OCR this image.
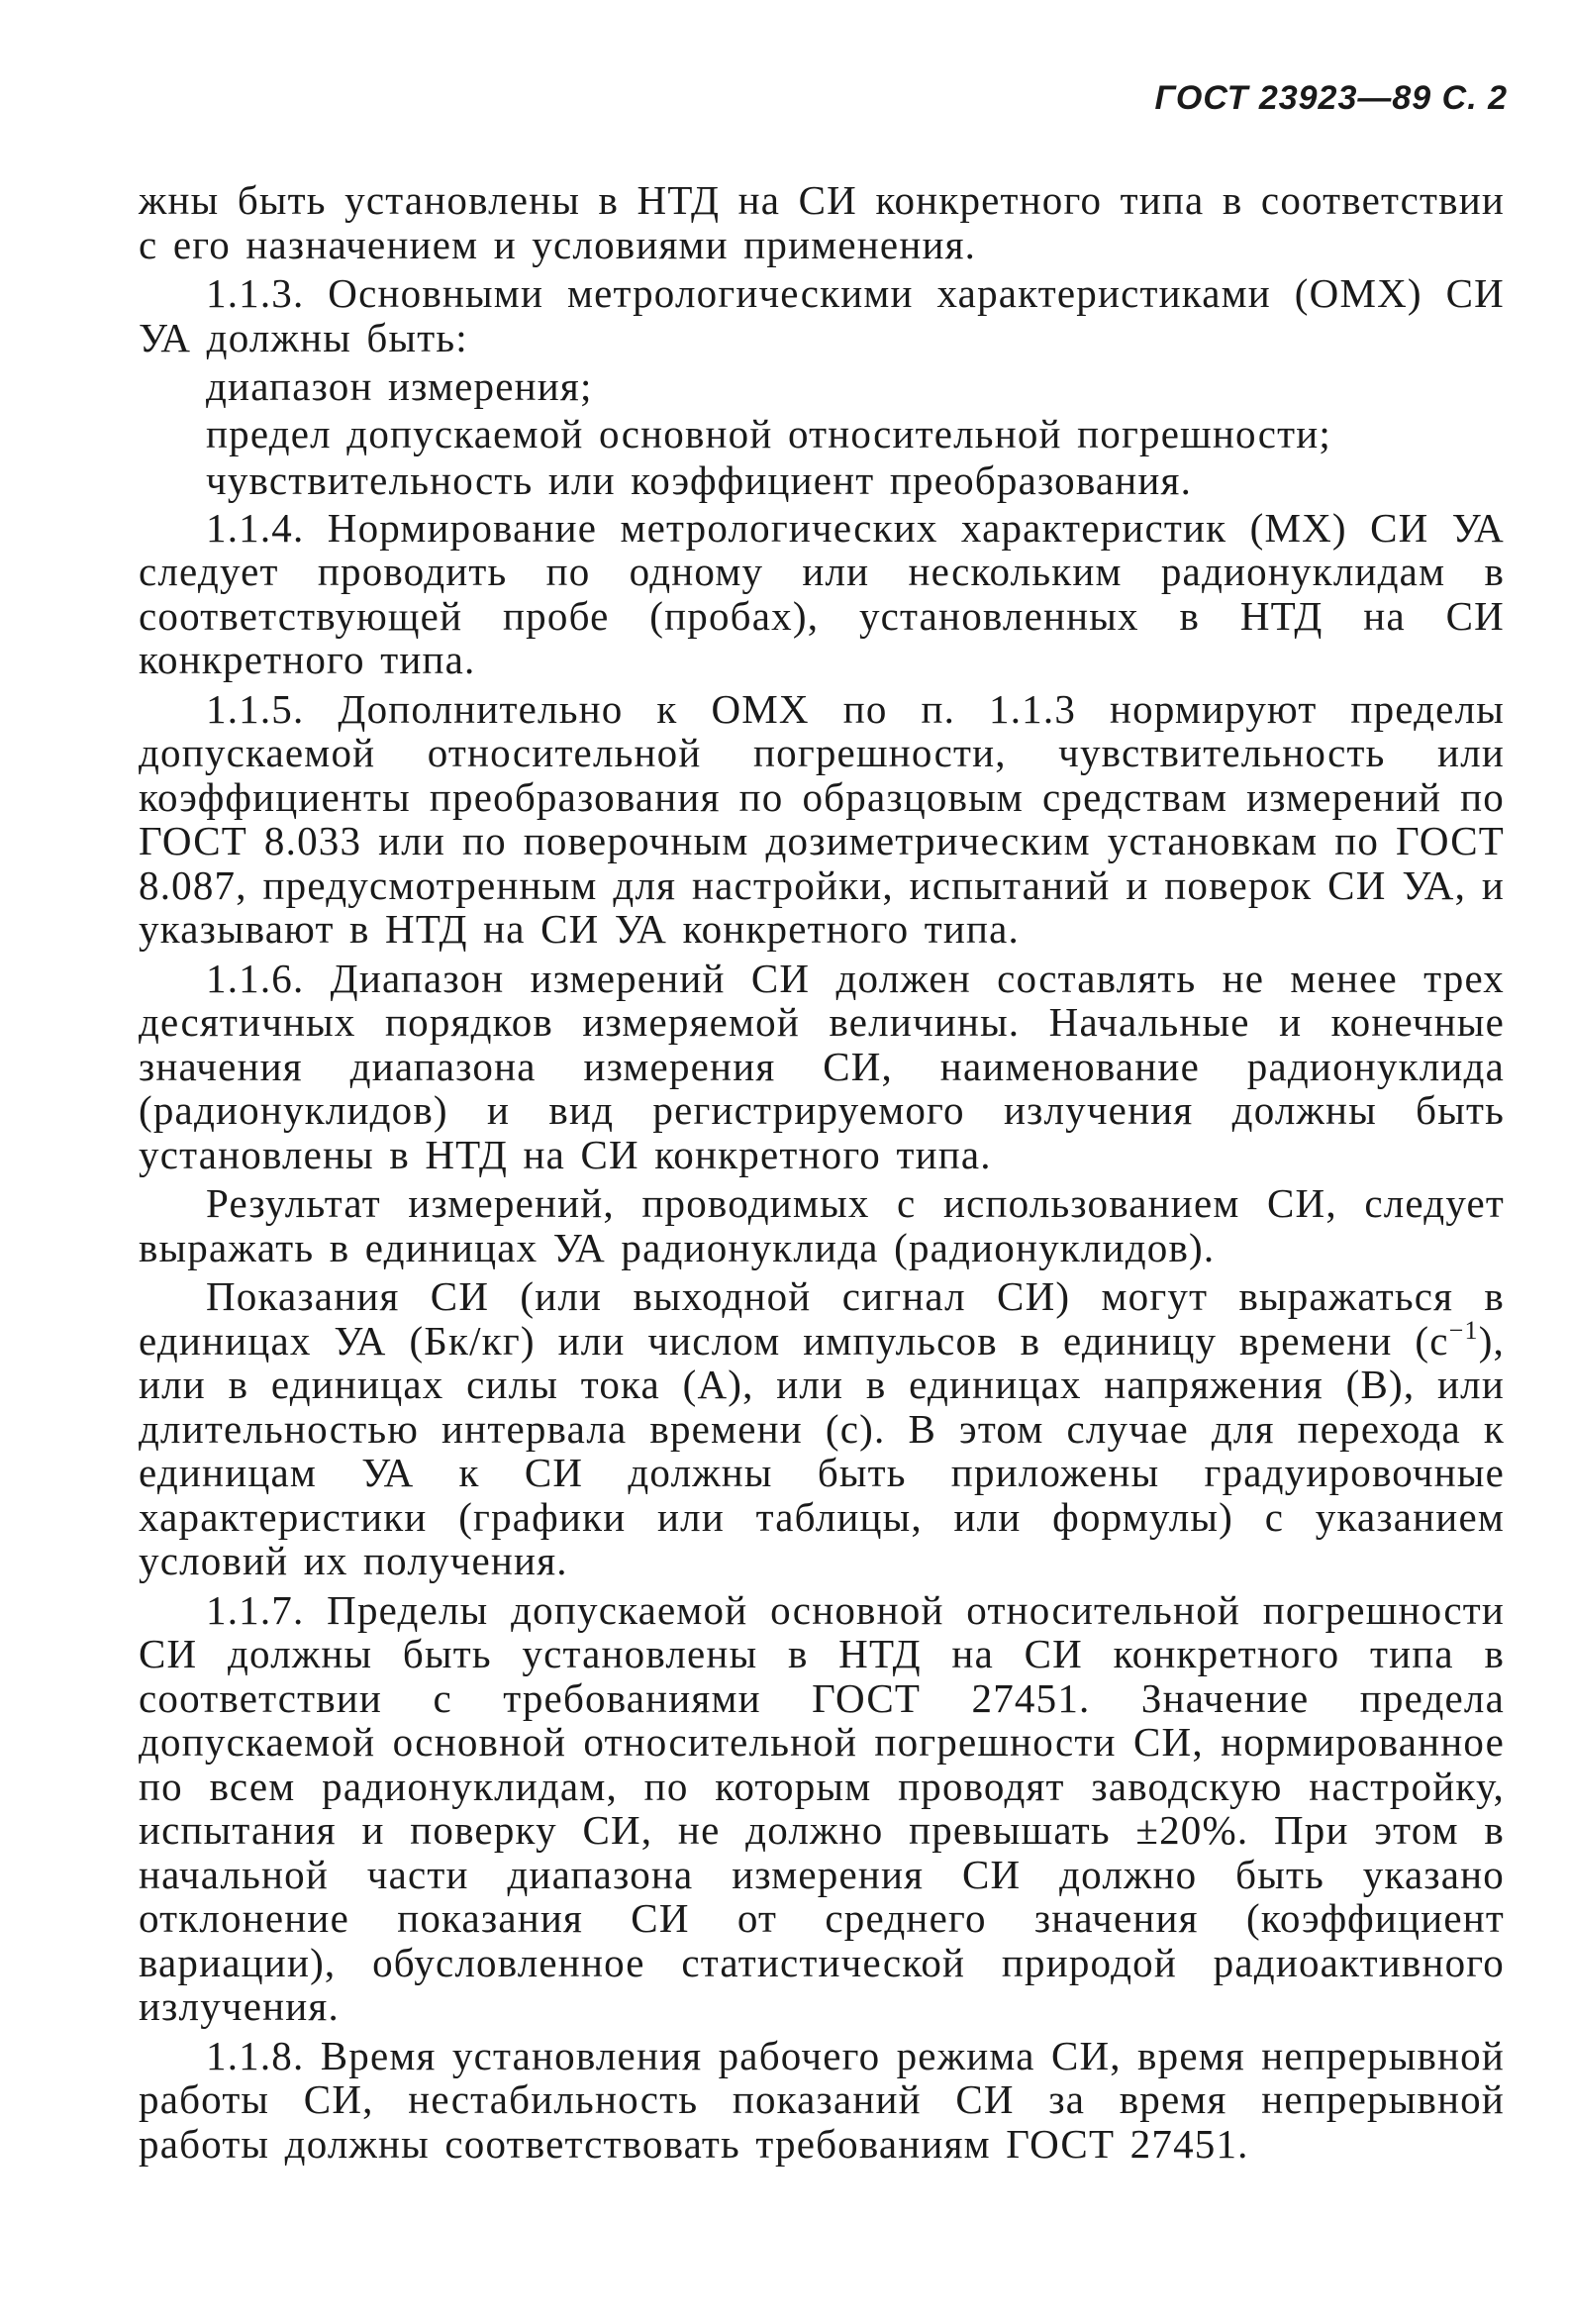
ГОСТ 23923—89 С. 2

жны быть установлены в НТД на СИ конкретного типа в соответствии с его назначением и условиями применения.

1.1.3. Основными метрологическими характеристиками (ОМХ) СИ УА должны быть:

диапазон измерения;

предел допускаемой основной относительной погрешности;

чувствительность или коэффициент преобразования.

1.1.4. Нормирование метрологических характеристик (МХ) СИ УА следует проводить по одному или нескольким радионуклидам в соответствующей пробе (пробах), установленных в НТД на СИ конкретного типа.

1.1.5. Дополнительно к ОМХ по п. 1.1.3 нормируют пределы допускаемой относительной погрешности, чувствительность или коэффициенты преобразования по образцовым средствам измерений по ГОСТ 8.033 или по поверочным дозиметрическим установкам по ГОСТ 8.087, предусмотренным для настройки, испытаний и поверок СИ УА, и указывают в НТД на СИ УА конкретного типа.

1.1.6. Диапазон измерений СИ должен составлять не менее трех десятичных порядков измеряемой величины. Начальные и конечные значения диапазона измерения СИ, наименование радионуклида (радионуклидов) и вид регистрируемого излучения должны быть установлены в НТД на СИ конкретного типа.

Результат измерений, проводимых с использованием СИ, следует выражать в единицах УА радионуклида (радионуклидов).

Показания СИ (или выходной сигнал СИ) могут выражаться в единицах УА (Бк/кг) или числом импульсов в единицу времени $(с^{-1})$, или в единицах силы тока (А), или в единицах напряжения (В), или длительностью интервала времени (с). В этом случае для перехода к единицам УА к СИ должны быть приложены градуировочные характеристики (графики или таблицы, или формулы) с указанием условий их получения.

1.1.7. Пределы допускаемой основной относительной погрешности СИ должны быть установлены в НТД на СИ конкретного типа в соответствии с требованиями ГОСТ 27451. Значение предела допускаемой основной относительной погрешности СИ, нормированное по всем радионуклидам, по которым проводят заводскую настройку, испытания и поверку СИ, не должно превышать ±20%. При этом в начальной части диапазона измерения СИ должно быть указано отклонение показания СИ от среднего значения (коэффициент вариации), обусловленное статистической природой радиоактивного излучения.

1.1.8. Время установления рабочего режима СИ, время непрерывной работы СИ, нестабильность показаний СИ за время непрерывной работы должны соответствовать требованиям ГОСТ 27451.
